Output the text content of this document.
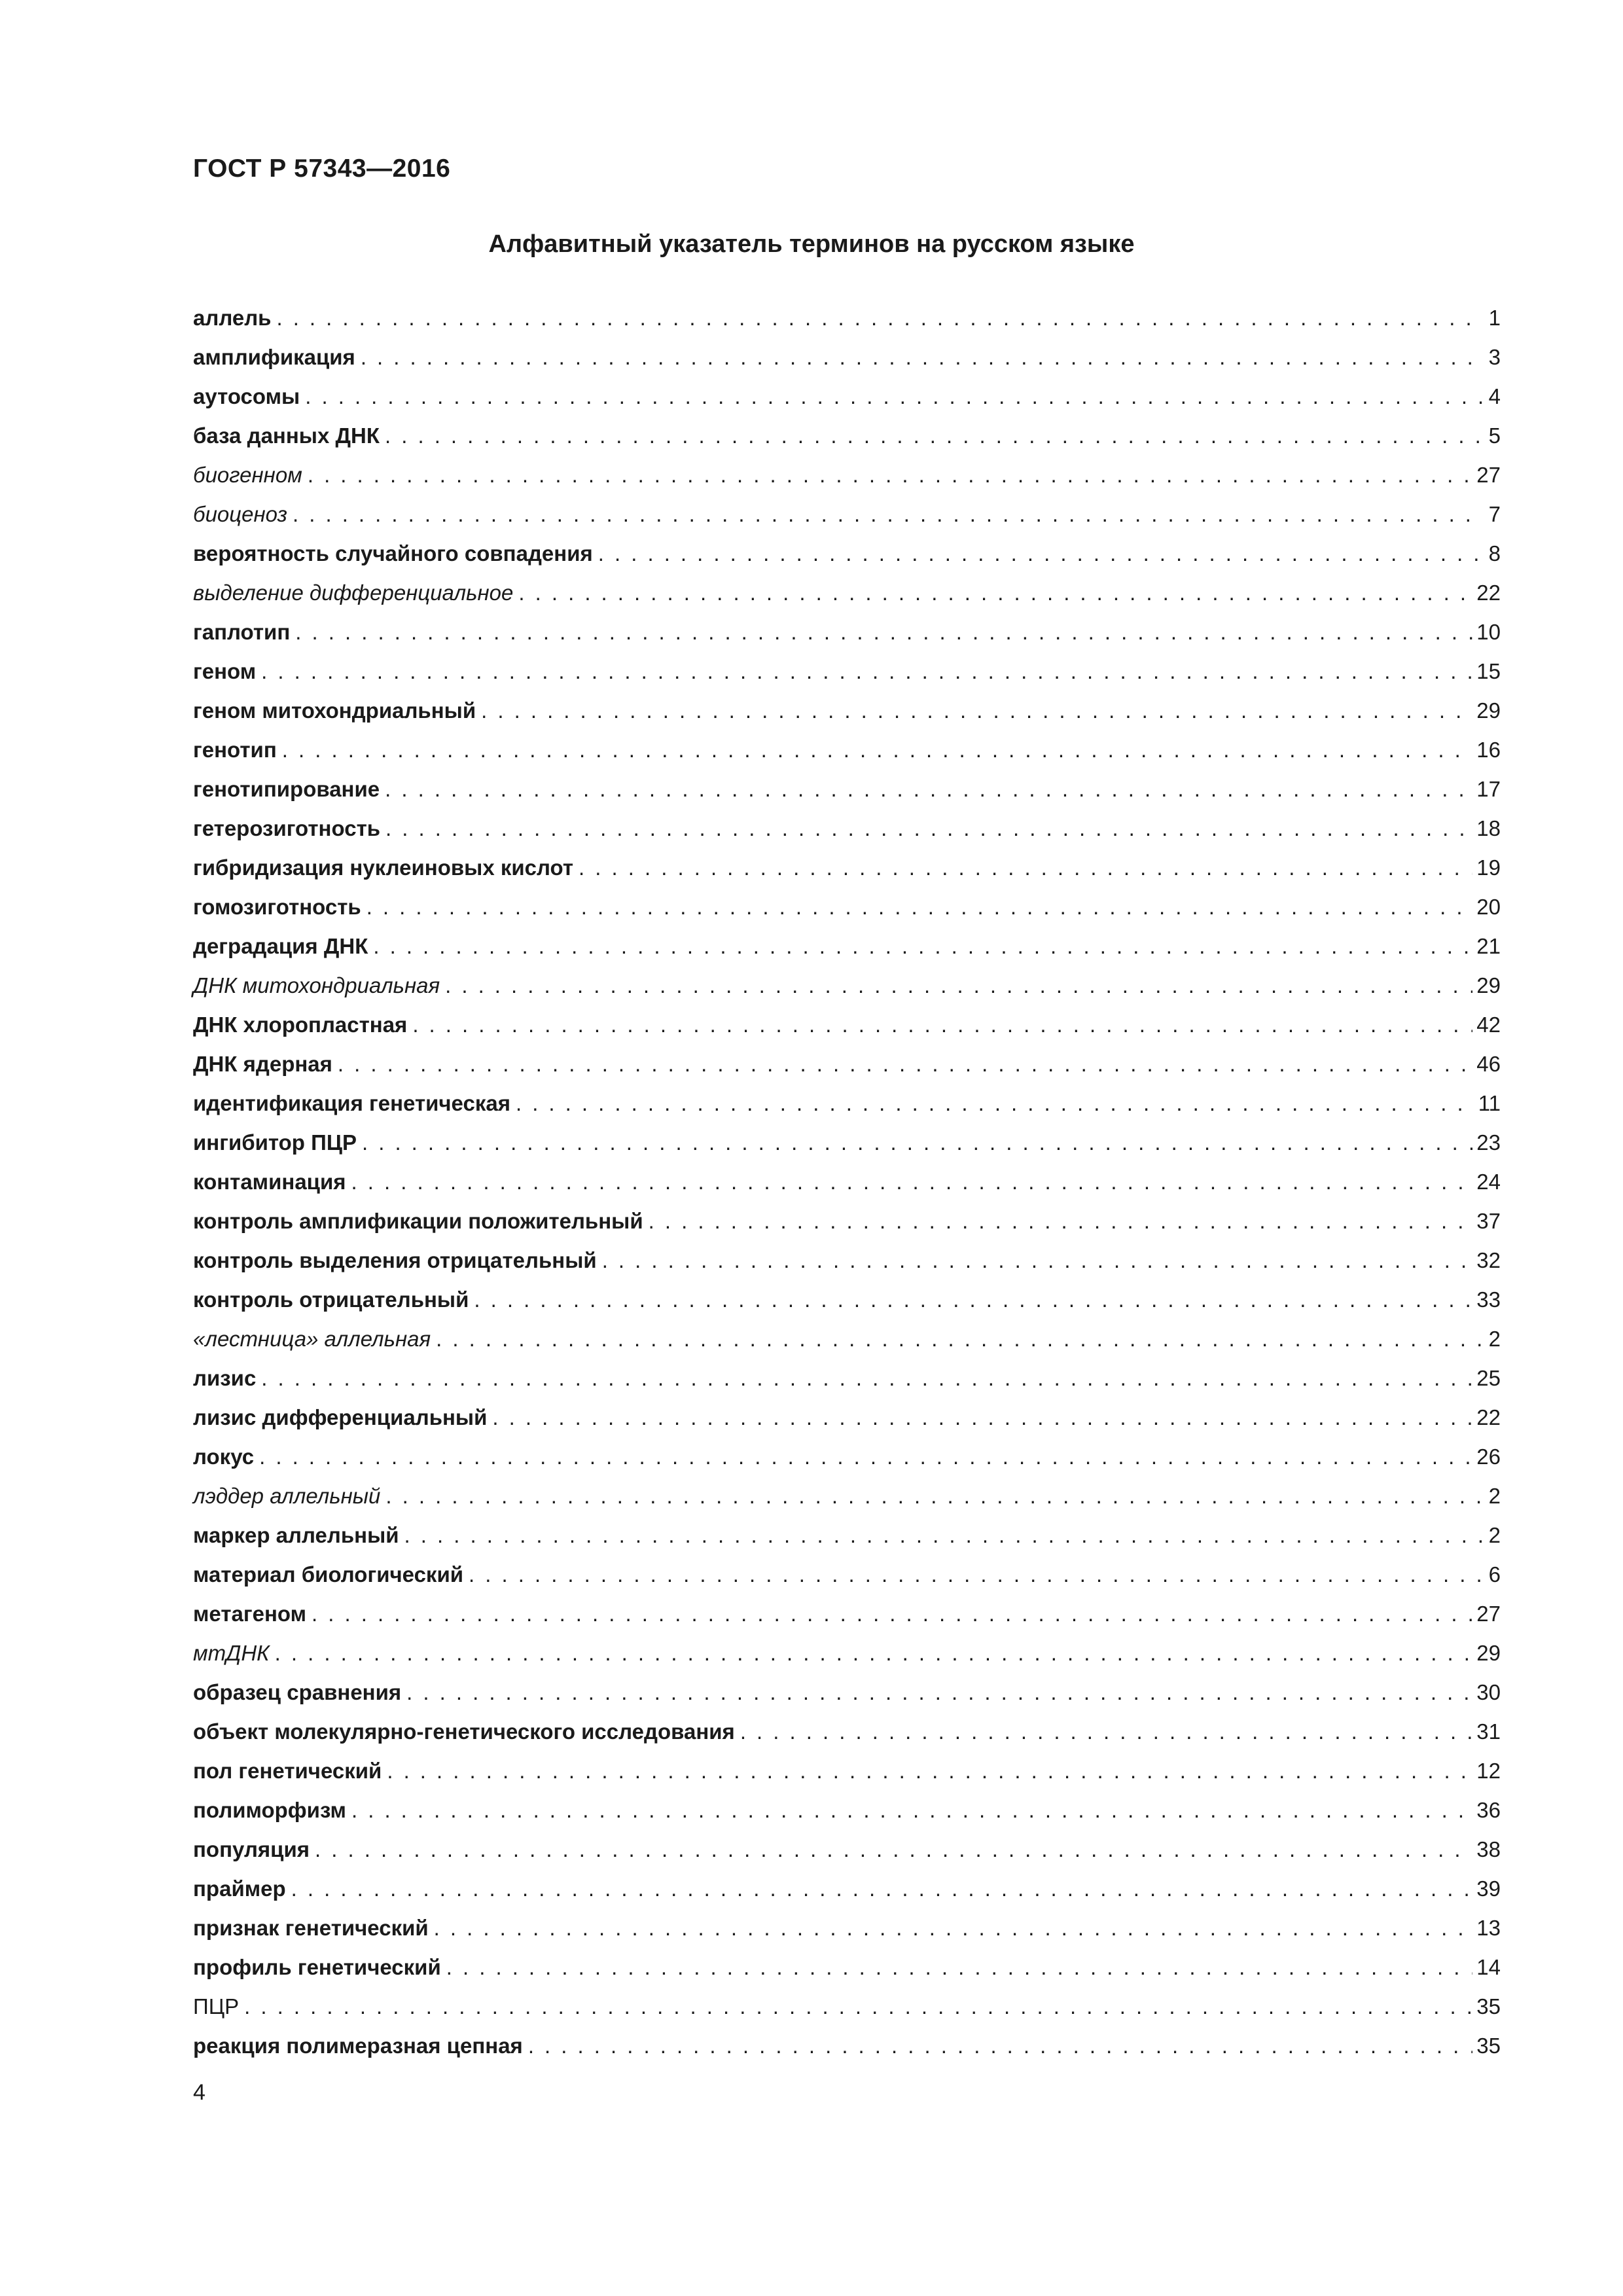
ГОСТ Р 57343—2016
Алфавитный указатель терминов на русском языке
аллель . . .	1
амплификация . . .	3
аутосомы . . .	4
база данных ДНК . . .	5
биогенном . . .	27
биоценоз . . .	7
вероятность случайного совпадения . . .	8
выделение дифференциальное . . .	22
гаплотип . . .	10
геном . . .	15
геном митохондриальный . . .	29
генотип . . .	16
генотипирование . . .	17
гетерозиготность . . .	18
гибридизация нуклеиновых кислот . . .	19
гомозиготность . . .	20
деградация ДНК . . .	21
ДНК митохондриальная . . .	29
ДНК хлоропластная . . .	42
ДНК ядерная . . .	46
идентификация генетическая . . .	11
ингибитор ПЦР . . .	23
контаминация . . .	24
контроль амплификации положительный . . .	37
контроль выделения отрицательный . . .	32
контроль отрицательный . . .	33
«лестница» аллельная . . .	2
лизис . . .	25
лизис дифференциальный . . .	22
локус . . .	26
лэддер аллельный . . .	2
маркер аллельный . . .	2
материал биологический . . .	6
метагеном . . .	27
мтДНК . . .	29
образец сравнения . . .	30
объект молекулярно-генетического исследования . . .	31
пол генетический . . .	12
полиморфизм . . .	36
популяция . . .	38
праймер . . .	39
признак генетический . . .	13
профиль генетический . . .	14
ПЦР . . .	35
реакция полимеразная цепная . . .	35
4
